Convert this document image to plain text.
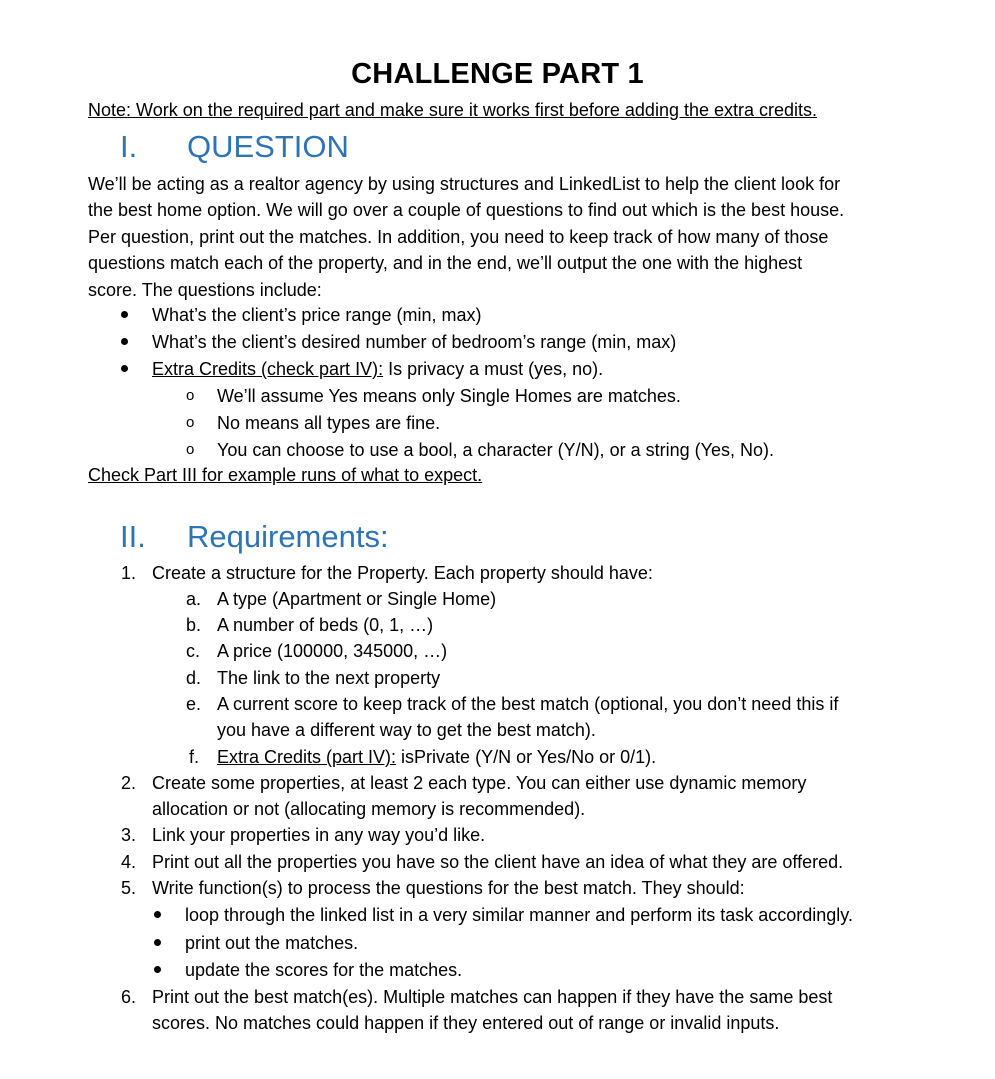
CHALLENGE PART 1
Note: Work on the required part and make sure it works first before adding the extra credits.
I. QUESTION
We’ll be acting as a realtor agency by using structures and LinkedList to help the client look for
the best home option. We will go over a couple of questions to find out which is the best house.
Per question, print out the matches. In addition, you need to keep track of how many of those
questions match each of the property, and in the end, we’ll output the one with the highest
score. The questions include:
What’s the client’s price range (min, max)
What’s the client’s desired number of bedroom’s range (min, max)
Extra Credits (check part IV): Is privacy a must (yes, no).
o We’ll assume Yes means only Single Homes are matches.
o No means all types are fine.
o You can choose to use a bool, a character (Y/N), or a string (Yes, No).
Check Part III for example runs of what to expect.
II. Requirements:
1. Create a structure for the Property. Each property should have:
a. A type (Apartment or Single Home)
b. A number of beds (0, 1, …)
c. A price (100000, 345000, …)
d. The link to the next property
e. A current score to keep track of the best match (optional, you don’t need this if
you have a different way to get the best match).
f. Extra Credits (part IV): isPrivate (Y/N or Yes/No or 0/1).
2. Create some properties, at least 2 each type. You can either use dynamic memory
allocation or not (allocating memory is recommended).
3. Link your properties in any way you’d like.
4. Print out all the properties you have so the client have an idea of what they are offered.
5. Write function(s) to process the questions for the best match. They should:
loop through the linked list in a very similar manner and perform its task accordingly.
print out the matches.
update the scores for the matches.
6. Print out the best match(es). Multiple matches can happen if they have the same best
scores. No matches could happen if they entered out of range or invalid inputs.
